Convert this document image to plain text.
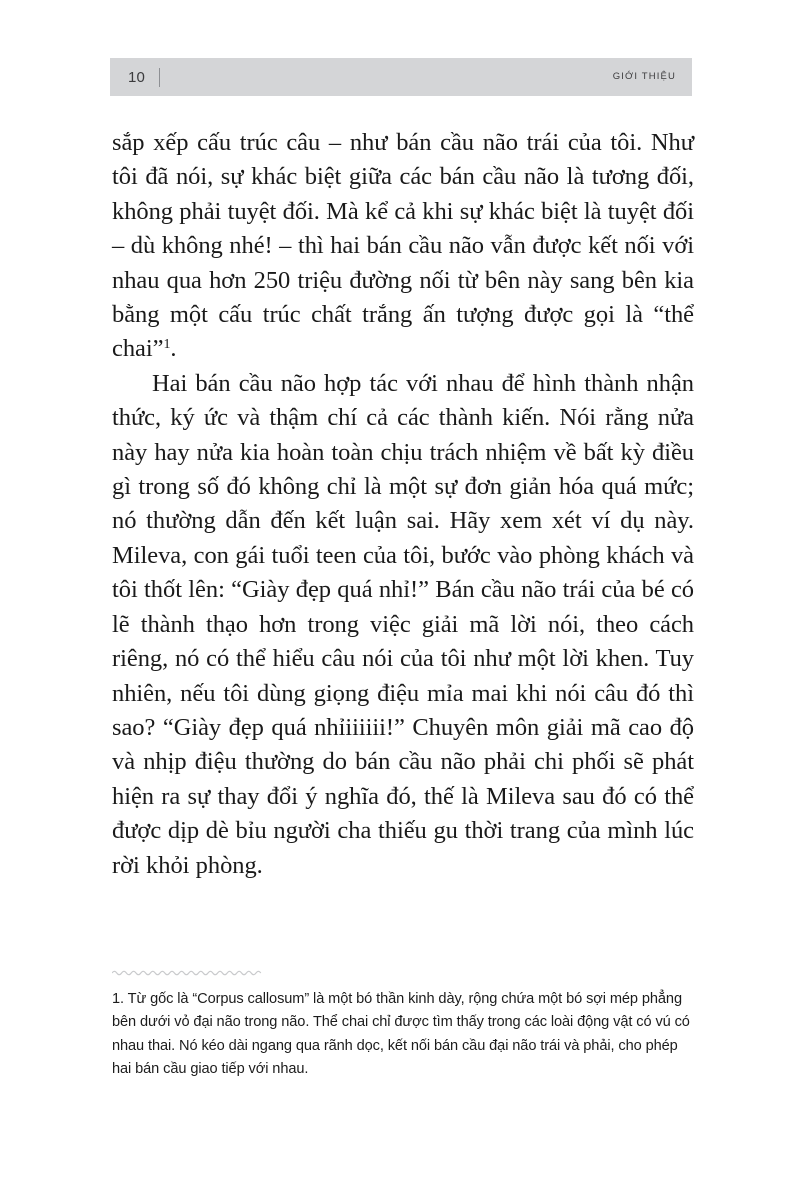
10	GIỚI THIỆU

sắp xếp cấu trúc câu – như bán cầu não trái của tôi. Như tôi đã nói, sự khác biệt giữa các bán cầu não là tương đối, không phải tuyệt đối. Mà kể cả khi sự khác biệt là tuyệt đối – dù không nhé! – thì hai bán cầu não vẫn được kết nối với nhau qua hơn 250 triệu đường nối từ bên này sang bên kia bằng một cấu trúc chất trắng ấn tượng được gọi là “thể chai”$^1$.

Hai bán cầu não hợp tác với nhau để hình thành nhận thức, ký ức và thậm chí cả các thành kiến. Nói rằng nửa này hay nửa kia hoàn toàn chịu trách nhiệm về bất kỳ điều gì trong số đó không chỉ là một sự đơn giản hóa quá mức; nó thường dẫn đến kết luận sai. Hãy xem xét ví dụ này. Mileva, con gái tuổi teen của tôi, bước vào phòng khách và tôi thốt lên: “Giày đẹp quá nhỉ!” Bán cầu não trái của bé có lẽ thành thạo hơn trong việc giải mã lời nói, theo cách riêng, nó có thể hiểu câu nói của tôi như một lời khen. Tuy nhiên, nếu tôi dùng giọng điệu mỉa mai khi nói câu đó thì sao? “Giày đẹp quá nhỉiiiiii!” Chuyên môn giải mã cao độ và nhịp điệu thường do bán cầu não phải chi phối sẽ phát hiện ra sự thay đổi ý nghĩa đó, thế là Mileva sau đó có thể được dịp dè bỉu người cha thiếu gu thời trang của mình lúc rời khỏi phòng.

1. Từ gốc là “Corpus callosum” là một bó thần kinh dày, rộng chứa một bó sợi mép phẳng bên dưới vỏ đại não trong não. Thể chai chỉ được tìm thấy trong các loài động vật có vú có nhau thai. Nó kéo dài ngang qua rãnh dọc, kết nối bán cầu đại não trái và phải, cho phép hai bán cầu giao tiếp với nhau.
